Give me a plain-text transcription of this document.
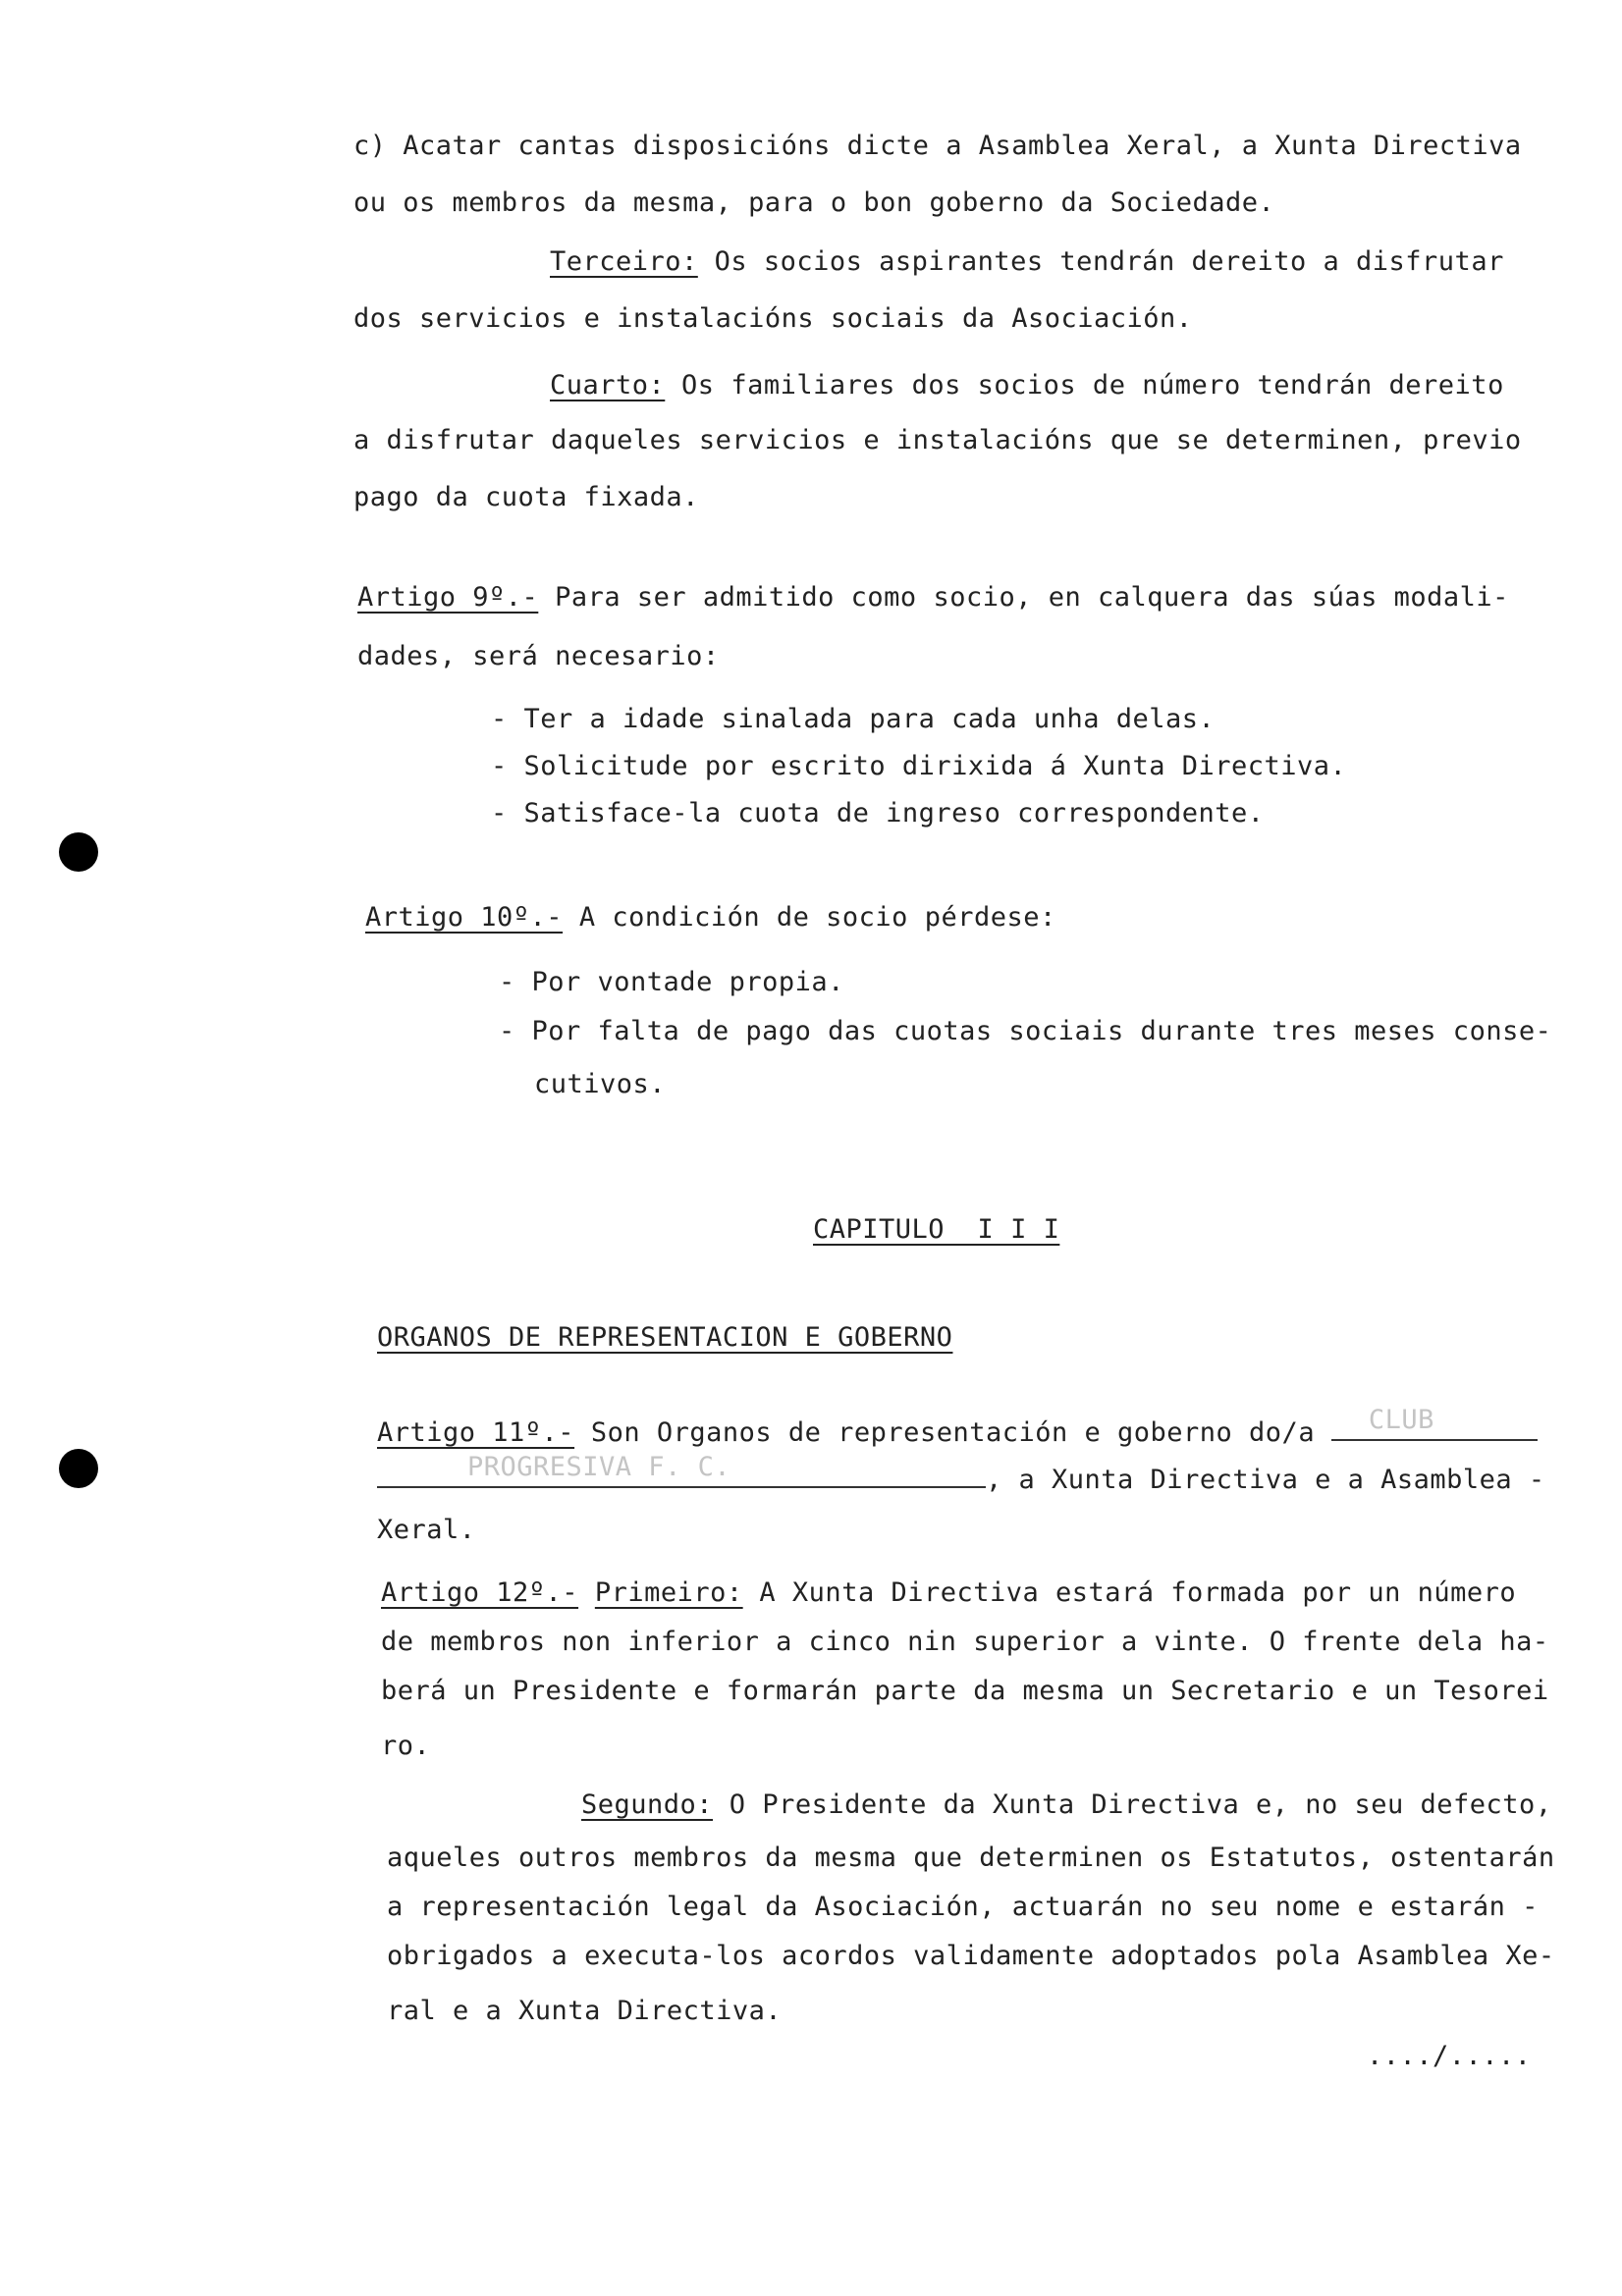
c) Acatar cantas disposicións dicte a Asamblea Xeral, a Xunta Directiva
ou os membros da mesma, para o bon goberno da Sociedade.
Terceiro: Os socios aspirantes tendrán dereito a disfrutar
dos servicios e instalacións sociais da Asociación.
Cuarto: Os familiares dos socios de número tendrán dereito
a disfrutar daqueles servicios e instalacións que se determinen, previo
pago da cuota fixada.
Artigo 9º.- Para ser admitido como socio, en calquera das súas modali-
dades, será necesario:
- Ter a idade sinalada para cada unha delas.
- Solicitude por escrito dirixida á Xunta Directiva.
- Satisface-la cuota de ingreso correspondente.
Artigo 10º.- A condición de socio pérdese:
- Por vontade propia.
- Por falta de pago das cuotas sociais durante tres meses conse-
cutivos.
CAPITULO  I I I
ORGANOS DE REPRESENTACION E GOBERNO
Artigo 11º.- Son Organos de representación e goberno do/a CLUB
PROGRESIVA F. C.	, a Xunta Directiva e a Asamblea -
Xeral.
Artigo 12º.- Primeiro: A Xunta Directiva estará formada por un número
de membros non inferior a cinco nin superior a vinte. O frente dela ha-
berá un Presidente e formarán parte da mesma un Secretario e un Tesorei
ro.
Segundo: O Presidente da Xunta Directiva e, no seu defecto,
aqueles outros membros da mesma que determinen os Estatutos, ostentarán
a representación legal da Asociación, actuarán no seu nome e estarán -
obrigados a executa-los acordos validamente adoptados pola Asamblea Xe-
ral e a Xunta Directiva.
..../.....
